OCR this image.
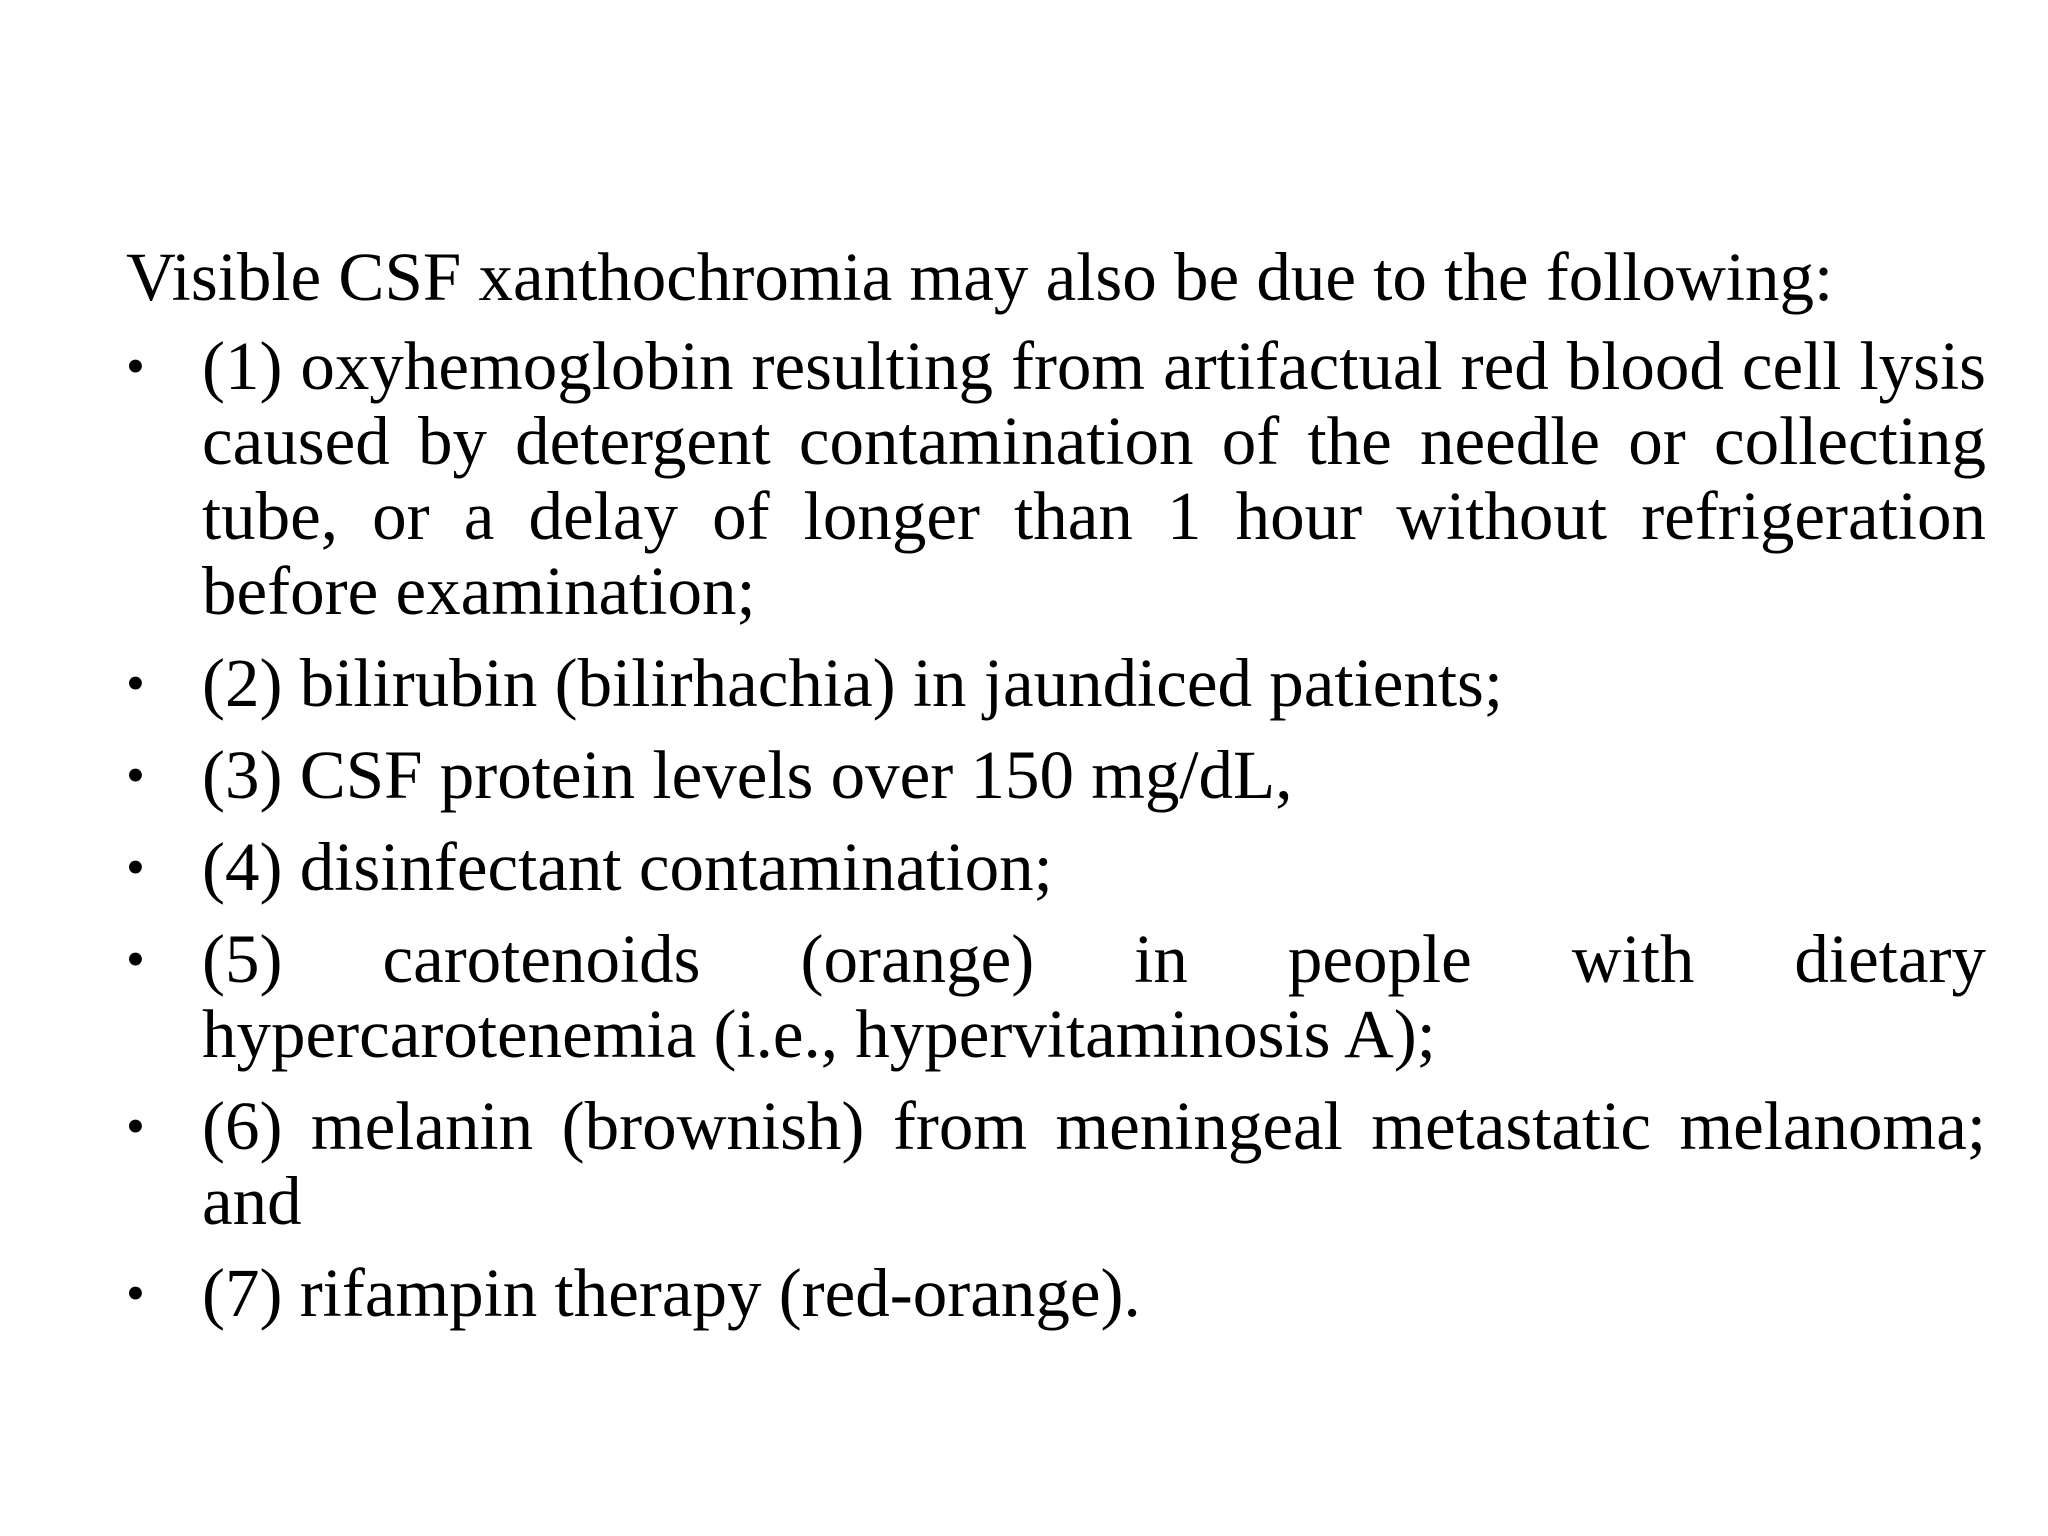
Visible CSF xanthochromia may also be due to the following:

• (1) oxyhemoglobin resulting from artifactual red blood cell lysis caused by detergent contamination of the needle or collecting tube, or a delay of longer than 1 hour without refrigeration before examination;
• (2) bilirubin (bilirhachia) in jaundiced patients;
• (3) CSF protein levels over 150 mg/dL,
• (4) disinfectant contamination;
• (5) carotenoids (orange) in people with dietary hypercarotenemia (i.e., hypervitaminosis A);
• (6) melanin (brownish) from meningeal metastatic melanoma; and
• (7) rifampin therapy (red-orange).
